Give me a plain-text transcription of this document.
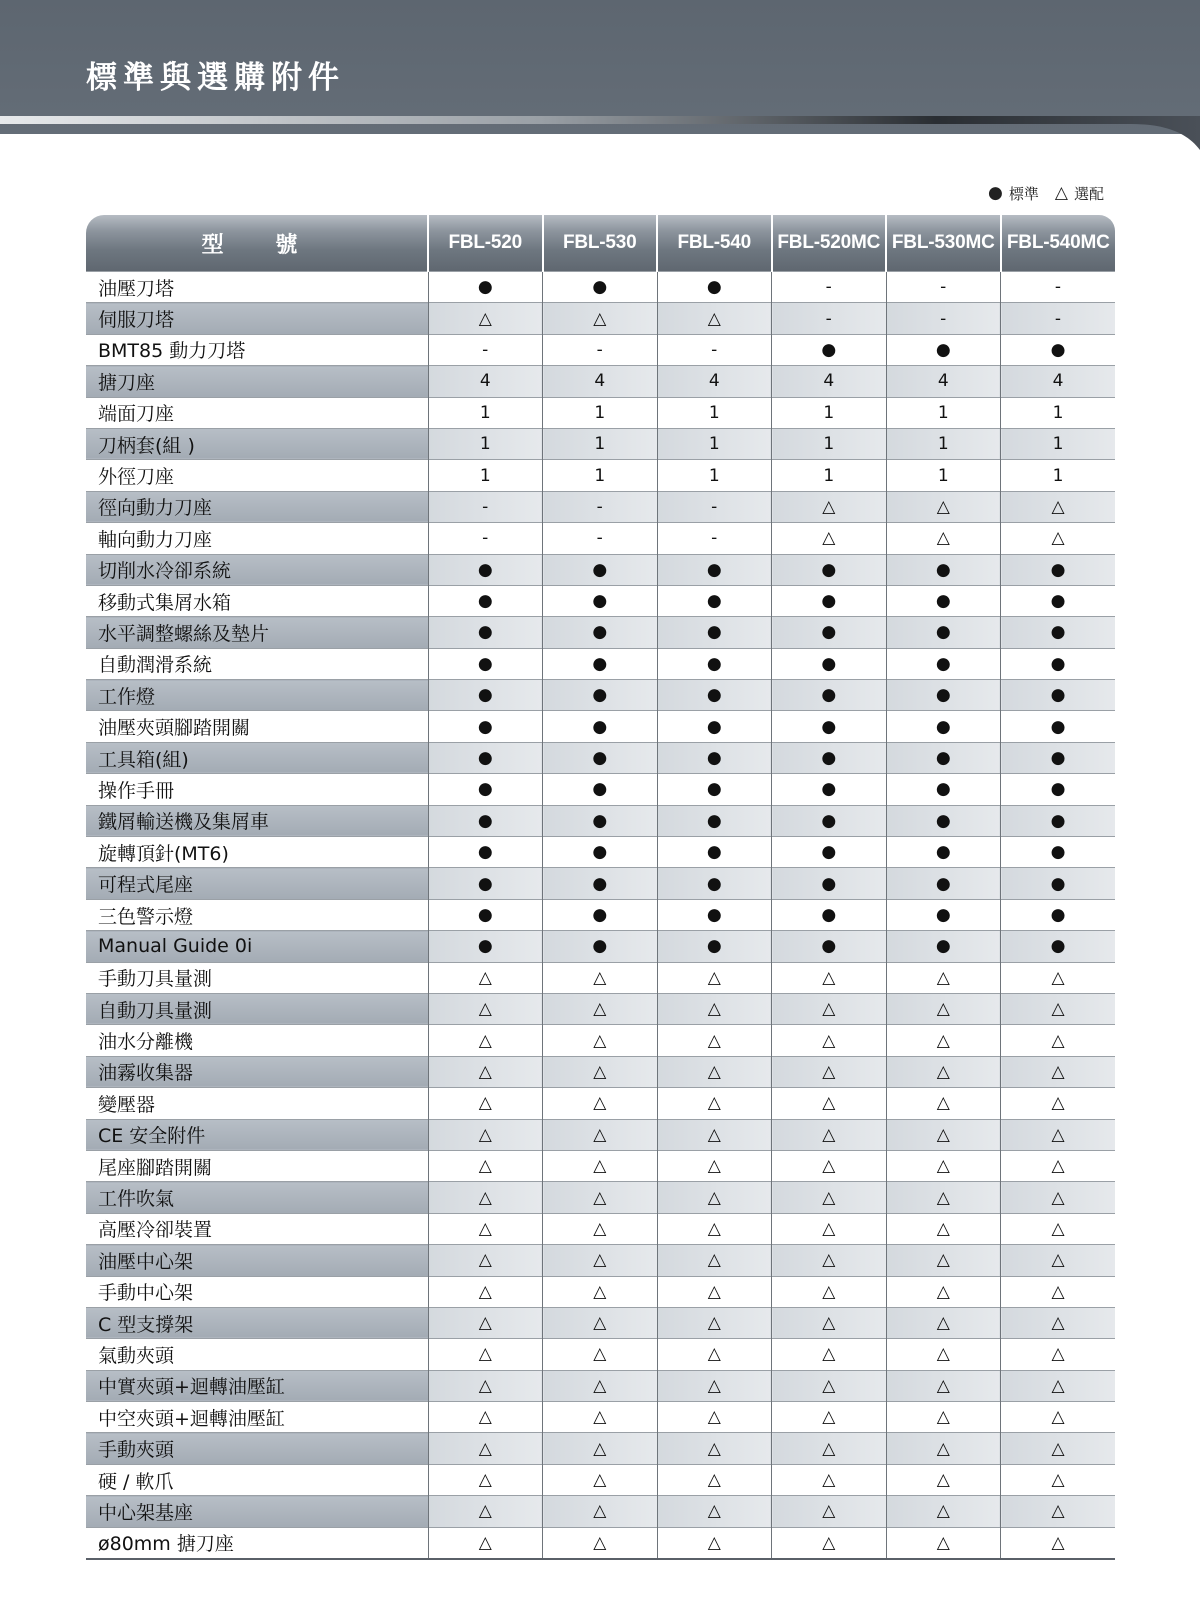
標準與選購附件
● 標準 △ 選配
型 號	FBL-520	FBL-530	FBL-540	FBL-520MC	FBL-530MC	FBL-540MC
油壓刀塔	●	●	●	-	-	-
伺服刀塔	△	△	△	-	-	-
BMT85 動力刀塔	-	-	-	●	●	●
搪刀座	4	4	4	4	4	4
端面刀座	1	1	1	1	1	1
刀柄套(組 )	1	1	1	1	1	1
外徑刀座	1	1	1	1	1	1
徑向動力刀座	-	-	-	△	△	△
軸向動力刀座	-	-	-	△	△	△
切削水冷卻系統	●	●	●	●	●	●
移動式集屑水箱	●	●	●	●	●	●
水平調整螺絲及墊片	●	●	●	●	●	●
自動潤滑系統	●	●	●	●	●	●
工作燈	●	●	●	●	●	●
油壓夾頭腳踏開關	●	●	●	●	●	●
工具箱(組)	●	●	●	●	●	●
操作手冊	●	●	●	●	●	●
鐵屑輸送機及集屑車	●	●	●	●	●	●
旋轉頂針(MT6)	●	●	●	●	●	●
可程式尾座	●	●	●	●	●	●
三色警示燈	●	●	●	●	●	●
Manual Guide 0i	●	●	●	●	●	●
手動刀具量測	△	△	△	△	△	△
自動刀具量測	△	△	△	△	△	△
油水分離機	△	△	△	△	△	△
油霧收集器	△	△	△	△	△	△
變壓器	△	△	△	△	△	△
CE 安全附件	△	△	△	△	△	△
尾座腳踏開關	△	△	△	△	△	△
工件吹氣	△	△	△	△	△	△
高壓冷卻裝置	△	△	△	△	△	△
油壓中心架	△	△	△	△	△	△
手動中心架	△	△	△	△	△	△
C 型支撐架	△	△	△	△	△	△
氣動夾頭	△	△	△	△	△	△
中實夾頭+迴轉油壓缸	△	△	△	△	△	△
中空夾頭+迴轉油壓缸	△	△	△	△	△	△
手動夾頭	△	△	△	△	△	△
硬 / 軟爪	△	△	△	△	△	△
中心架基座	△	△	△	△	△	△
ø80mm 搪刀座	△	△	△	△	△	△
